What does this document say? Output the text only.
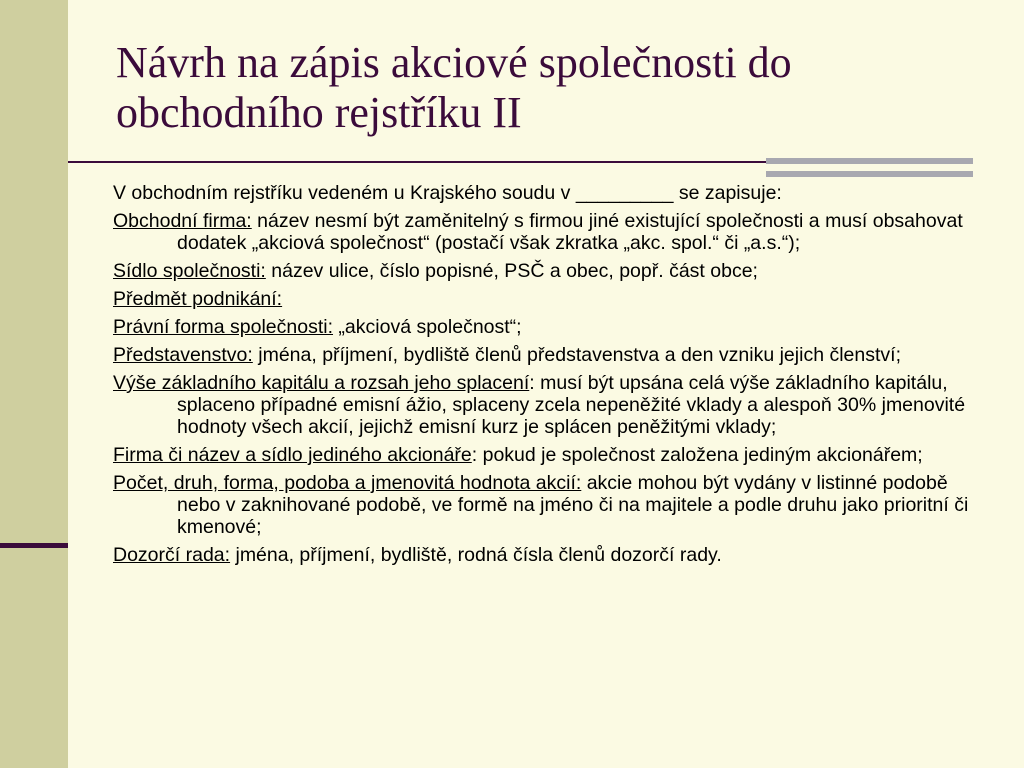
Návrh na zápis akciové společnosti do obchodního rejstříku II
V obchodním rejstříku vedeném u Krajského soudu v _________ se zapisuje:
Obchodní firma: název nesmí být zaměnitelný s firmou jiné existující společnosti a musí obsahovat dodatek „akciová společnost“ (postačí však zkratka „akc. spol.“ či „a.s.“);
Sídlo společnosti: název ulice, číslo popisné, PSČ a obec, popř. část obce;
Předmět podnikání:
Právní forma společnosti: „akciová společnost“;
Představenstvo: jména, příjmení, bydliště členů představenstva a den vzniku jejich členství;
Výše základního kapitálu a rozsah jeho splacení: musí být upsána celá výše základního kapitálu, splaceno případné emisní ážio, splaceny zcela nepeněžité vklady a alespoň 30% jmenovité hodnoty všech akcií, jejichž emisní kurz je splácen peněžitými vklady;
Firma či název a sídlo jediného akcionáře: pokud je společnost založena jediným akcionářem;
Počet, druh, forma, podoba a jmenovitá hodnota akcií: akcie mohou být vydány v listinné podobě nebo v zaknihované podobě, ve formě na jméno či na majitele a podle druhu jako prioritní či kmenové;
Dozorčí rada: jména, příjmení, bydliště, rodná čísla členů dozorčí rady.
